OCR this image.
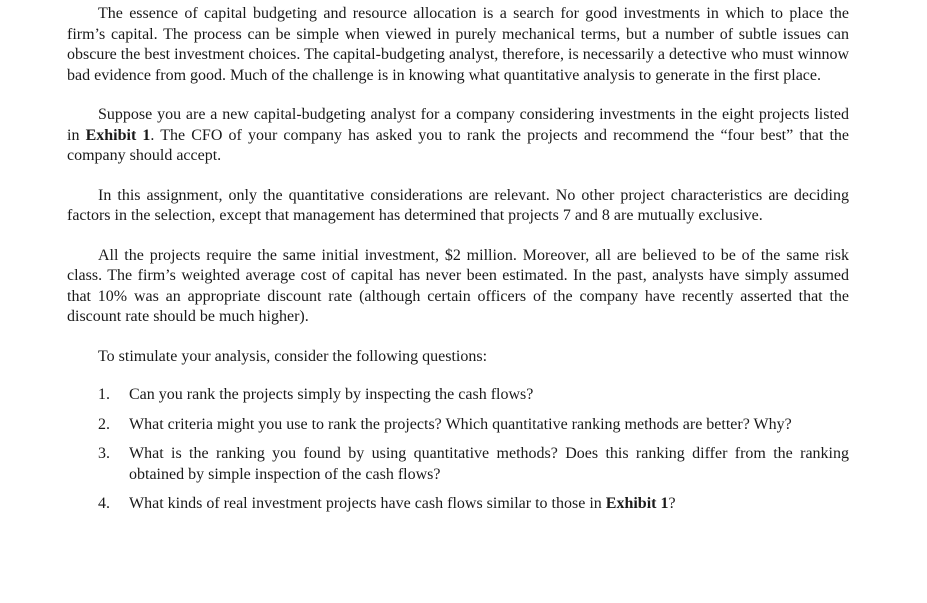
The essence of capital budgeting and resource allocation is a search for good investments in which to place the firm’s capital. The process can be simple when viewed in purely mechanical terms, but a number of subtle issues can obscure the best investment choices. The capital-budgeting analyst, therefore, is necessarily a detective who must winnow bad evidence from good. Much of the challenge is in knowing what quantitative analysis to generate in the first place.

Suppose you are a new capital-budgeting analyst for a company considering investments in the eight projects listed in Exhibit 1. The CFO of your company has asked you to rank the projects and recommend the “four best” that the company should accept.

In this assignment, only the quantitative considerations are relevant. No other project characteristics are deciding factors in the selection, except that management has determined that projects 7 and 8 are mutually exclusive.

All the projects require the same initial investment, $2 million. Moreover, all are believed to be of the same risk class. The firm’s weighted average cost of capital has never been estimated. In the past, analysts have simply assumed that 10% was an appropriate discount rate (although certain officers of the company have recently asserted that the discount rate should be much higher).

To stimulate your analysis, consider the following questions:

1. Can you rank the projects simply by inspecting the cash flows?
2. What criteria might you use to rank the projects? Which quantitative ranking methods are better? Why?
3. What is the ranking you found by using quantitative methods? Does this ranking differ from the ranking obtained by simple inspection of the cash flows?
4. What kinds of real investment projects have cash flows similar to those in Exhibit 1?
